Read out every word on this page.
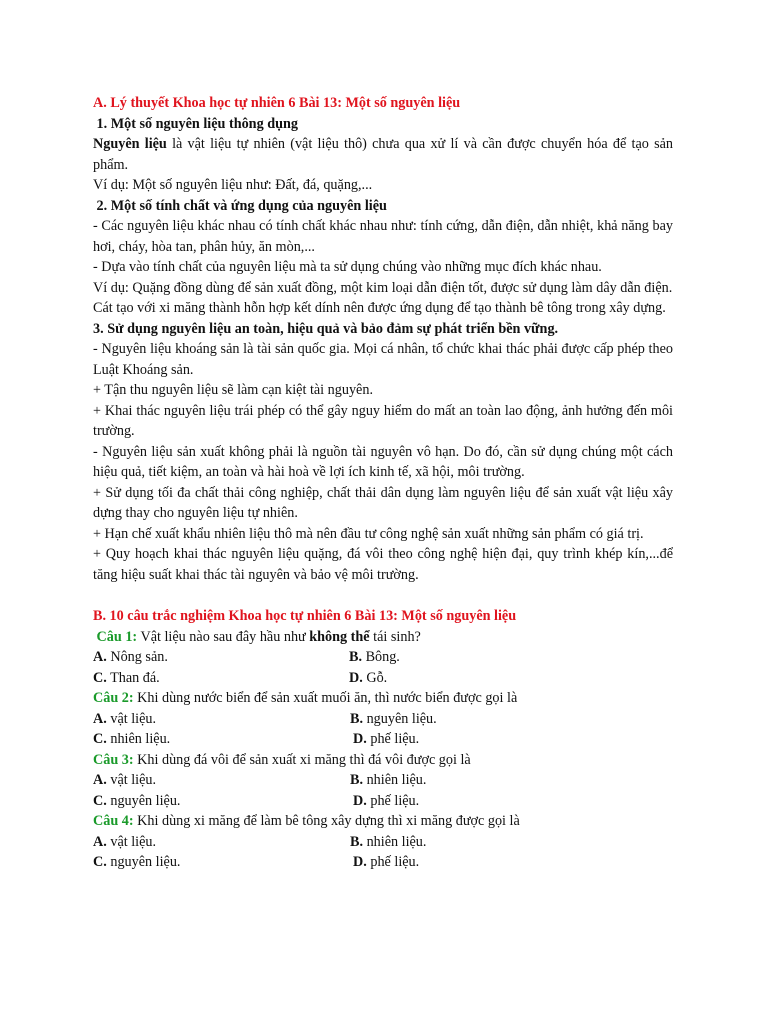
A. Lý thuyết Khoa học tự nhiên 6 Bài 13: Một số nguyên liệu

1. Một số nguyên liệu thông dụng

Nguyên liệu là vật liệu tự nhiên (vật liệu thô) chưa qua xử lí và cần được chuyển hóa để tạo sản phẩm.

Ví dụ: Một số nguyên liệu như: Đất, đá, quặng,...

2. Một số tính chất và ứng dụng của nguyên liệu

- Các nguyên liệu khác nhau có tính chất khác nhau như: tính cứng, dẫn điện, dẫn nhiệt, khả năng bay hơi, cháy, hòa tan, phân hủy, ăn mòn,...

- Dựa vào tính chất của nguyên liệu mà ta sử dụng chúng vào những mục đích khác nhau.

Ví dụ: Quặng đồng dùng để sản xuất đồng, một kim loại dẫn điện tốt, được sử dụng làm dây dẫn điện.

Cát tạo với xi măng thành hỗn hợp kết dính nên được ứng dụng để tạo thành bê tông trong xây dựng.

3. Sử dụng nguyên liệu an toàn, hiệu quả và bảo đảm sự phát triển bền vững.

- Nguyên liệu khoáng sản là tài sản quốc gia. Mọi cá nhân, tổ chức khai thác phải được cấp phép theo Luật Khoáng sản.

+ Tận thu nguyên liệu sẽ làm cạn kiệt tài nguyên.

+ Khai thác nguyên liệu trái phép có thể gây nguy hiểm do mất an toàn lao động, ảnh hưởng đến môi trường.

- Nguyên liệu sản xuất không phải là nguồn tài nguyên vô hạn. Do đó, cần sử dụng chúng một cách hiệu quả, tiết kiệm, an toàn và hài hoà về lợi ích kinh tế, xã hội, môi trường.

+ Sử dụng tối đa chất thải công nghiệp, chất thải dân dụng làm nguyên liệu để sản xuất vật liệu xây dựng thay cho nguyên liệu tự nhiên.

+ Hạn chế xuất khẩu nhiên liệu thô mà nên đầu tư công nghệ sản xuất những sản phẩm có giá trị.

+ Quy hoạch khai thác nguyên liệu quặng, đá vôi theo công nghệ hiện đại, quy trình khép kín,...để tăng hiệu suất khai thác tài nguyên và bảo vệ môi trường.

B. 10 câu trắc nghiệm Khoa học tự nhiên 6 Bài 13: Một số nguyên liệu

Câu 1: Vật liệu nào sau đây hầu như không thể tái sinh?

A. Nông sản.	B. Bông.
C. Than đá.	D. Gỗ.

Câu 2: Khi dùng nước biển để sản xuất muối ăn, thì nước biển được gọi là

A. vật liệu.	B. nguyên liệu.
C. nhiên liệu.	D. phế liệu.

Câu 3: Khi dùng đá vôi để sản xuất xi măng thì đá vôi được gọi là

A. vật liệu.	B. nhiên liệu.
C. nguyên liệu.	D. phế liệu.

Câu 4: Khi dùng xi măng để làm bê tông xây dựng thì xi măng được gọi là

A. vật liệu.	B. nhiên liệu.
C. nguyên liệu.	D. phế liệu.
